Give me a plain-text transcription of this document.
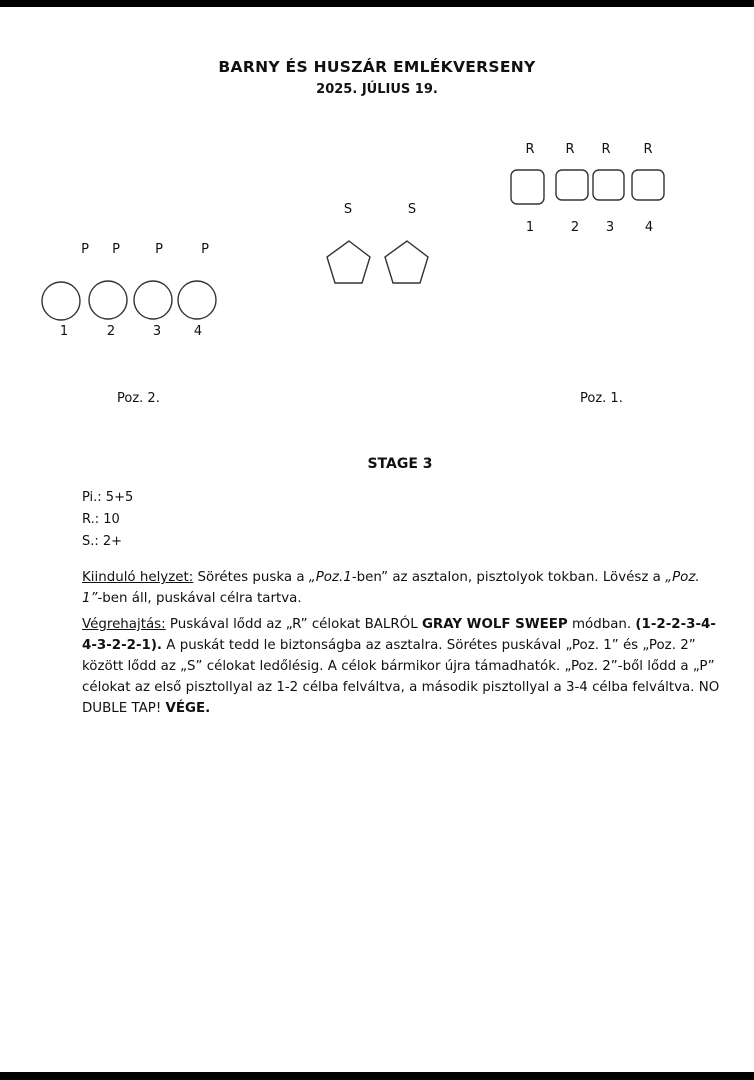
BARNY ÉS HUSZÁR EMLÉKVERSENY
2025. JÚLIUS 19.
R	R	R	R
1	2	3	4
S	S
P	P	P	P
1	2	3	4
Poz. 2.	Poz. 1.
STAGE 3
Pi.: 5+5
R.: 10
S.: 2+
Kiinduló helyzet: Sörétes puska a „Poz.1-ben” az asztalon, pisztolyok tokban. Lövész a „Poz. 1”-ben áll, puskával célra tartva.
Végrehajtás: Puskával lődd az „R” célokat BALRÓL GRAY WOLF SWEEP módban. (1-2-2-3-4-4-3-2-2-1). A puskát tedd le biztonságba az asztalra. Sörétes puskával „Poz. 1” és „Poz. 2” között lődd az „S” célokat ledőlésig. A célok bármikor újra támadhatók. „Poz. 2”-ből lődd a „P” célokat az első pisztollyal az 1-2 célba felváltva, a második pisztollyal a 3-4 célba felváltva. NO DUBLE TAP! VÉGE.
